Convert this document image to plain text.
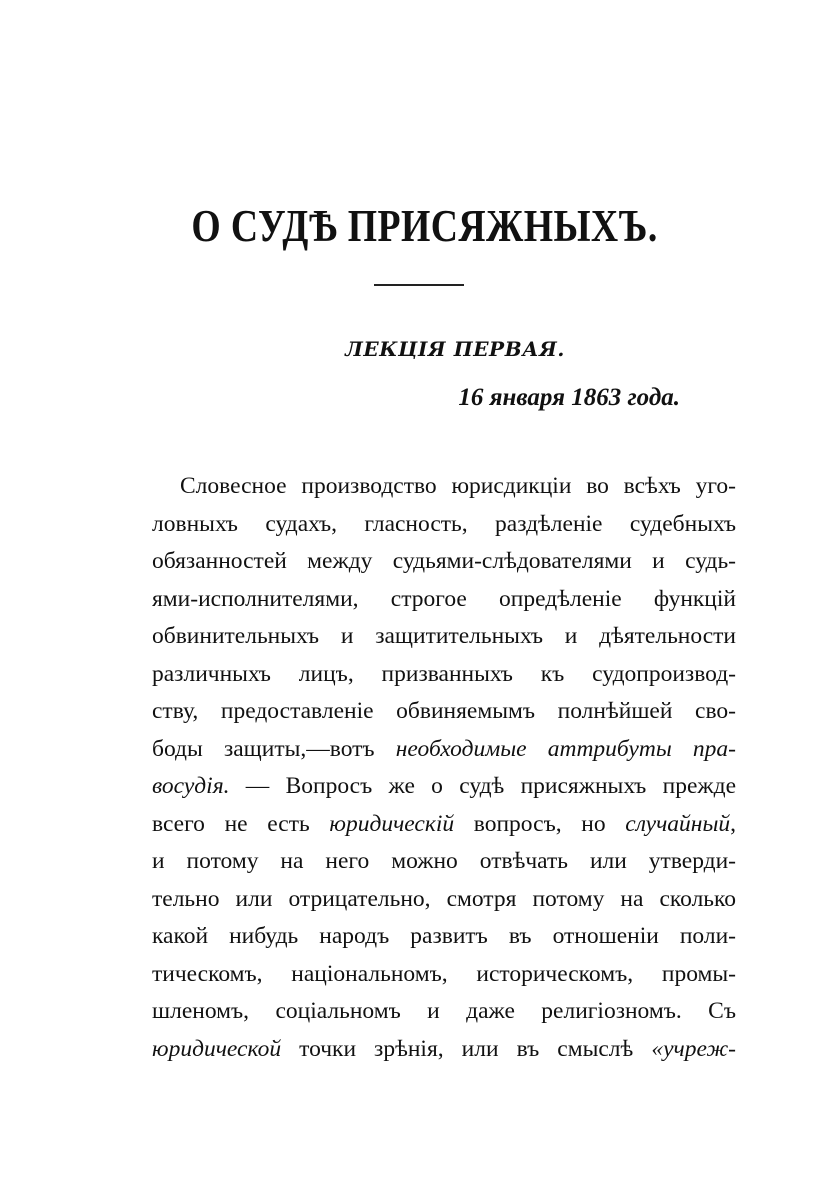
О СУДѢ ПРИСЯЖНЫХЪ.
ЛЕКЦІЯ ПЕРВАЯ.
16 января 1863 года.
Словесное производство юрисдикціи во всѣхъ уго-
ловныхъ судахъ, гласность, раздѣленіе судебныхъ
обязанностей между судьями-слѣдователями и судь-
ями-исполнителями, строгое опредѣленіе функцій
обвинительныхъ и защитительныхъ и дѣятельности
различныхъ лицъ, призванныхъ къ судопроизвод-
ству, предоставленіе обвиняемымъ полнѣйшей сво-
боды защиты,—вотъ необходимые аттрибуты пра-
восудія. — Вопросъ же о судѣ присяжныхъ прежде
всего не есть юридическій вопросъ, но случайный,
и потому на него можно отвѣчать или утверди-
тельно или отрицательно, смотря потому на сколько
какой нибудь народъ развитъ въ отношеніи поли-
тическомъ, національномъ, историческомъ, промы-
шленомъ, соціальномъ и даже религіозномъ. Съ
юридической точки зрѣнія, или въ смыслѣ «учреж-
